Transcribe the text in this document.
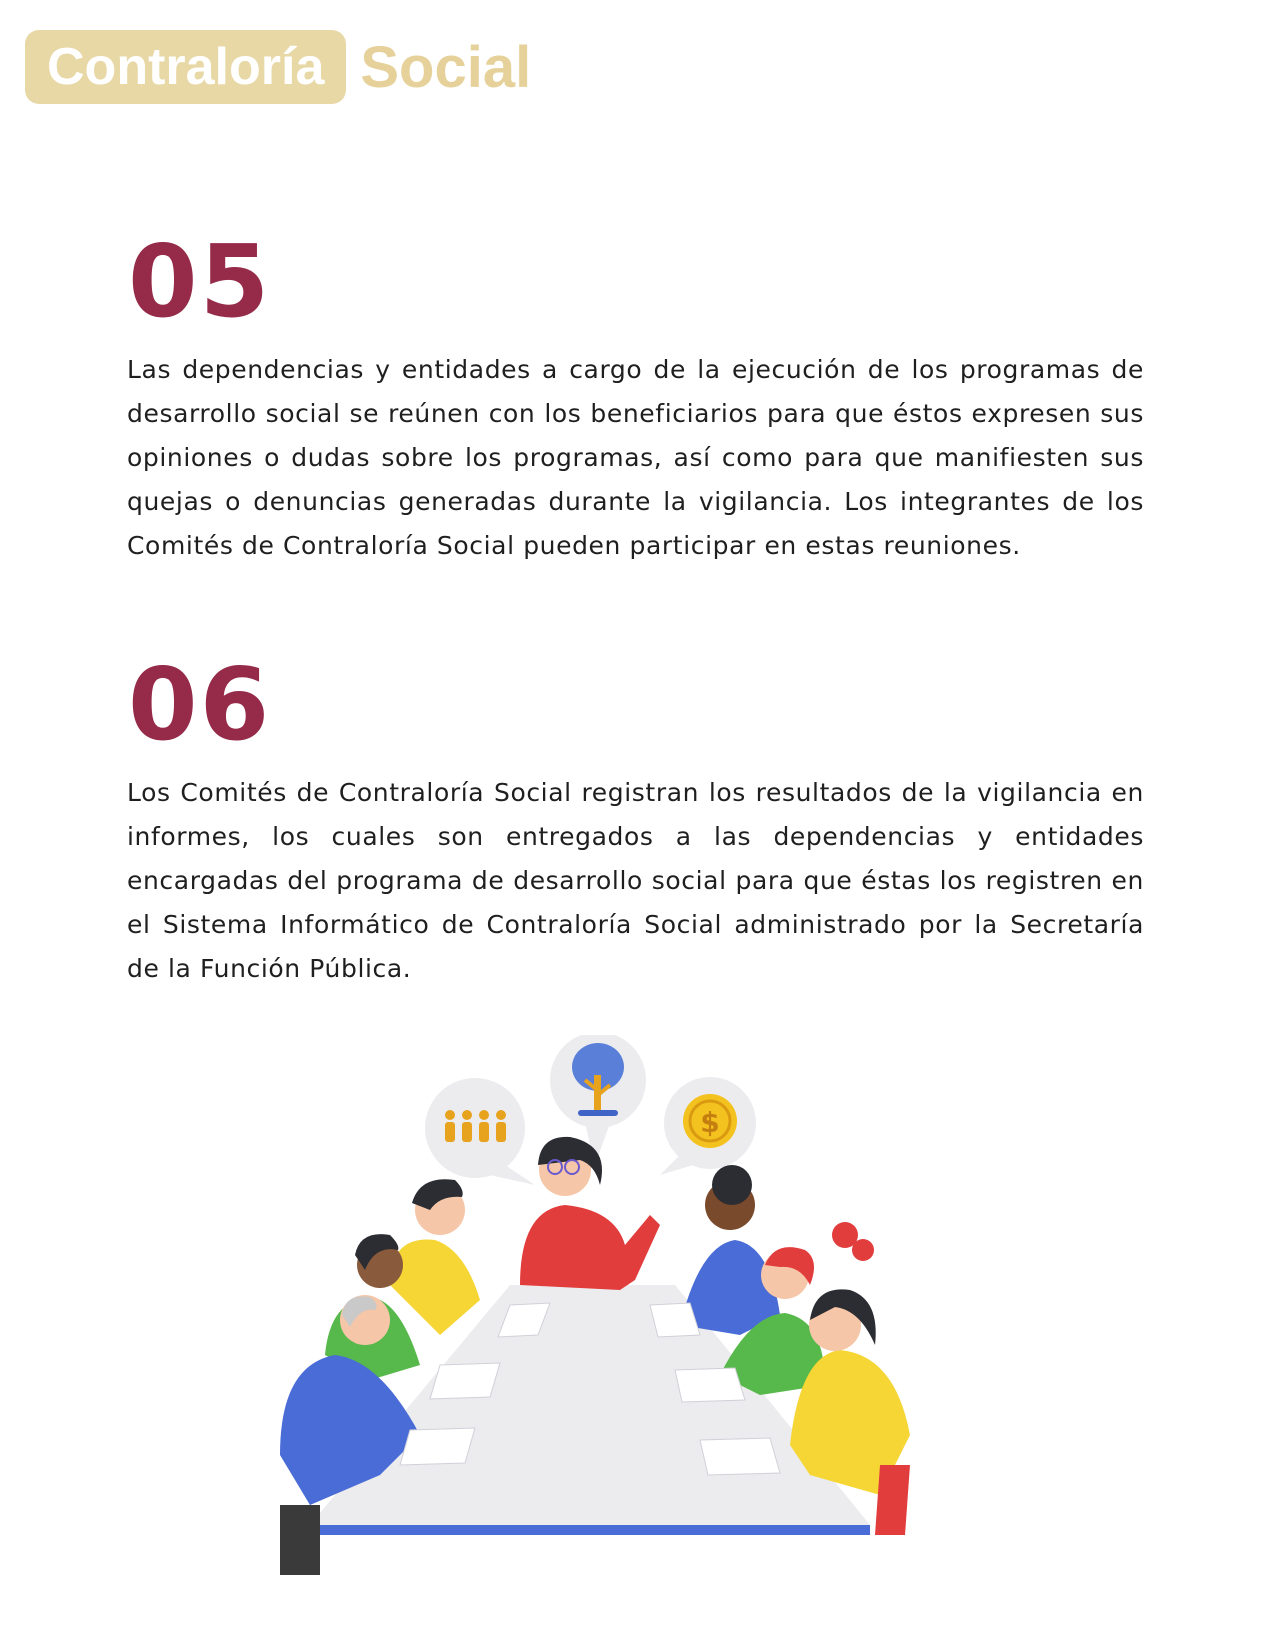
Contraloría Social
05

Las dependencias y entidades a cargo de la ejecución de los programas de desarrollo social se reúnen con los beneficiarios para que éstos expresen sus opiniones o dudas sobre los programas, así como para que manifiesten sus quejas o denuncias generadas durante la vigilancia. Los integrantes de los Comités de Contraloría Social pueden participar en estas reuniones.

06

Los Comités de Contraloría Social registran los resultados de la vigilancia en informes, los cuales son entregados a las dependencias y entidades encargadas del programa de desarrollo social para que éstas los registren en el Sistema Informático de Contraloría Social administrado por la Secretaría de la Función Pública.

$
